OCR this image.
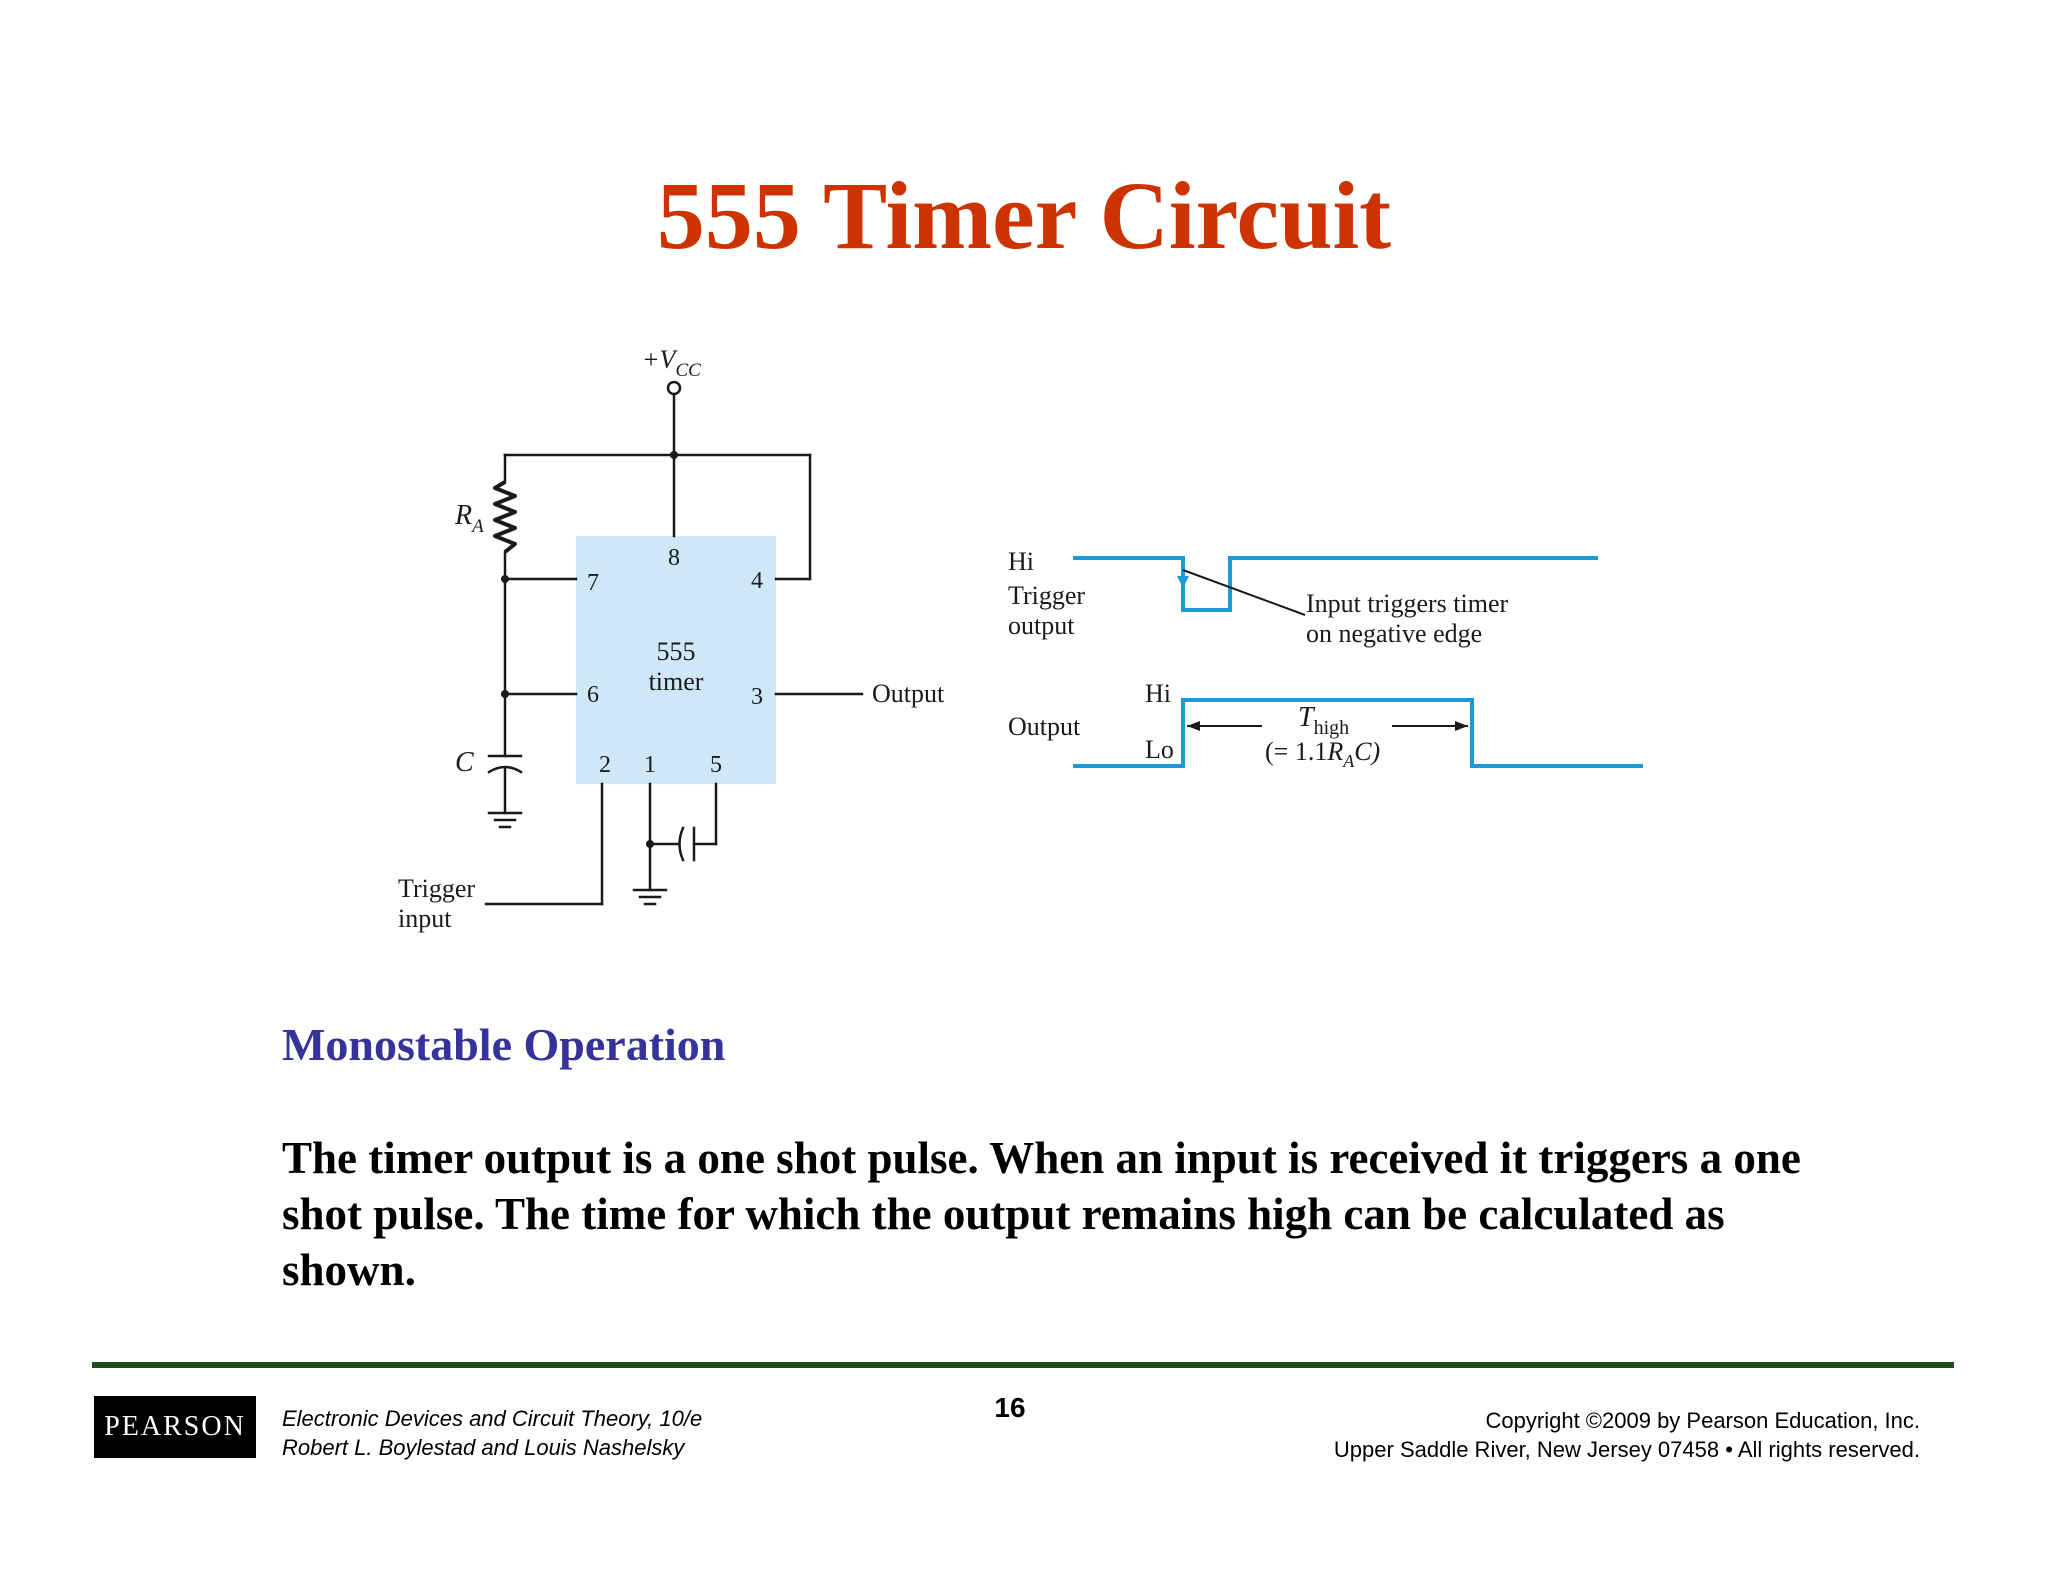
555 Timer Circuit
$+V_{CC}$
$R_A$
C
555
timer
8
7	4
6	3
2 1 5
Output
Trigger
input
Hi
Trigger
output
Input triggers timer
on negative edge
Hi
Output
Lo
$T_{high}$
(= $1.1R_AC$)
Monostable Operation

The timer output is a one shot pulse. When an input is received it triggers a one shot pulse. The time for which the output remains high can be calculated as shown.

PEARSON	Electronic Devices and Circuit Theory, 10/e
Robert L. Boylestad and Louis Nashelsky
16	Copyright ©2009 by Pearson Education, Inc.
Upper Saddle River, New Jersey 07458 • All rights reserved.
